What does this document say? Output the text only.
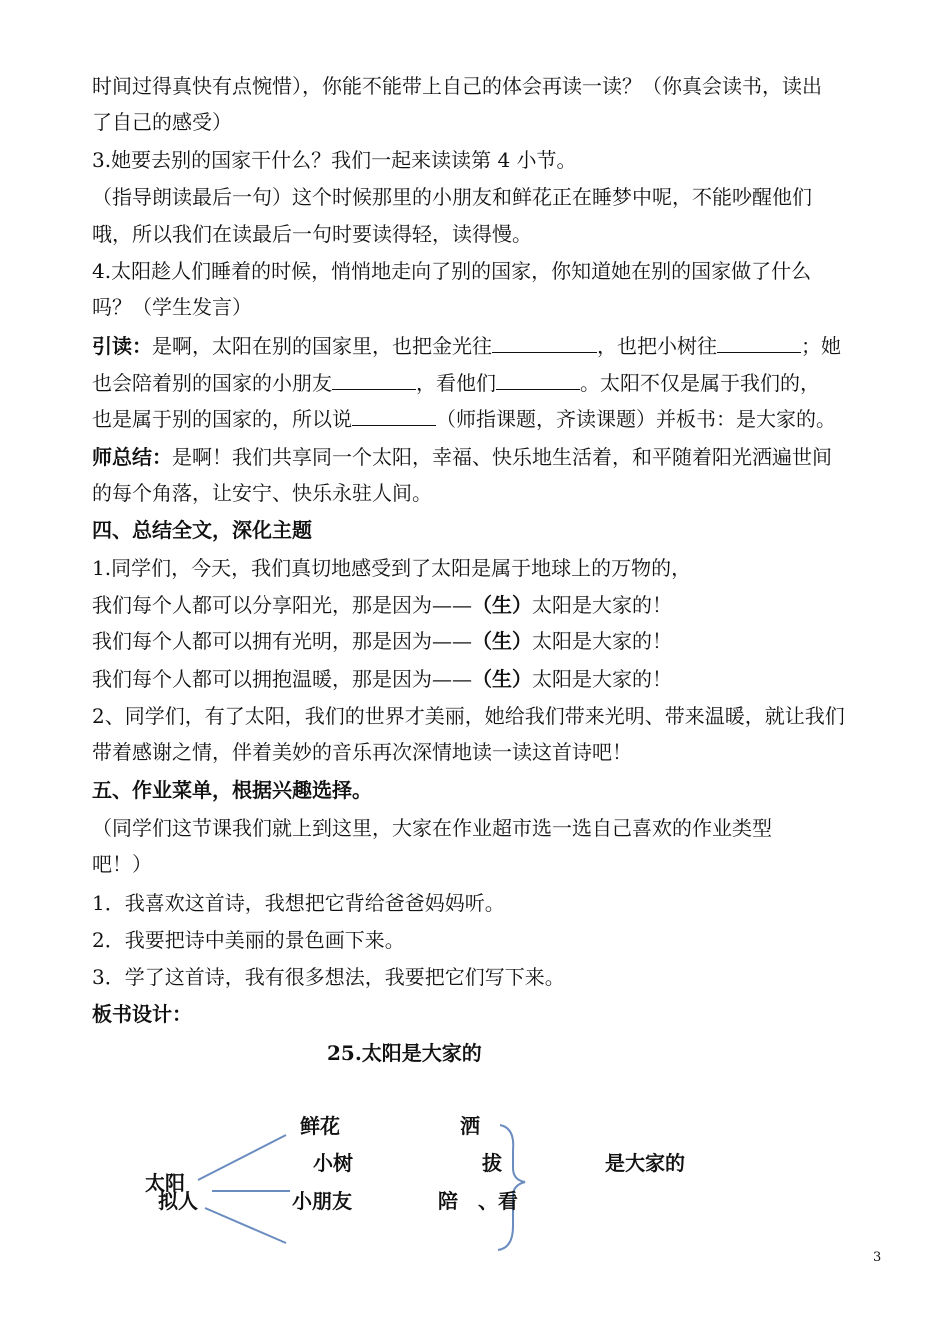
时间过得真快有点惋惜），你能不能带上自己的体会再读一读？（你真会读书，读出
了自己的感受）
3.她要去别的国家干什么？我们一起来读读第 4 小节。
（指导朗读最后一句）这个时候那里的小朋友和鲜花正在睡梦中呢，不能吵醒他们
哦，所以我们在读最后一句时要读得轻，读得慢。
4.太阳趁人们睡着的时候，悄悄地走向了别的国家，你知道她在别的国家做了什么
吗？（学生发言）
引读：是啊，太阳在别的国家里，也把金光往	，也把小树往	；她
也会陪着别的国家的小朋友	，看他们	。太阳不仅是属于我们的，
也是属于别的国家的，所以说	（师指课题，齐读课题）并板书：是大家的。
师总结：是啊！我们共享同一个太阳，幸福、快乐地生活着，和平随着阳光洒遍世间
的每个角落，让安宁、快乐永驻人间。
四、总结全文，深化主题
1.同学们，今天，我们真切地感受到了太阳是属于地球上的万物的，
我们每个人都可以分享阳光，那是因为——（生）太阳是大家的！
我们每个人都可以拥有光明，那是因为——（生）太阳是大家的！
我们每个人都可以拥抱温暖，那是因为——（生）太阳是大家的！
2、同学们，有了太阳，我们的世界才美丽，她给我们带来光明、带来温暖，就让我们
带着感谢之情，伴着美妙的音乐再次深情地读一读这首诗吧！
五、作业菜单，根据兴趣选择。
（同学们这节课我们就上到这里，大家在作业超市选一选自己喜欢的作业类型
吧！）
1．我喜欢这首诗，我想把它背给爸爸妈妈听。
2．我要把诗中美丽的景色画下来。
3．学了这首诗，我有很多想法，我要把它们写下来。
板书设计：
25.太阳是大家的
鲜花	洒
小树	拔	是大家的
太阳
拟人	小朋友	陪　、看
3
